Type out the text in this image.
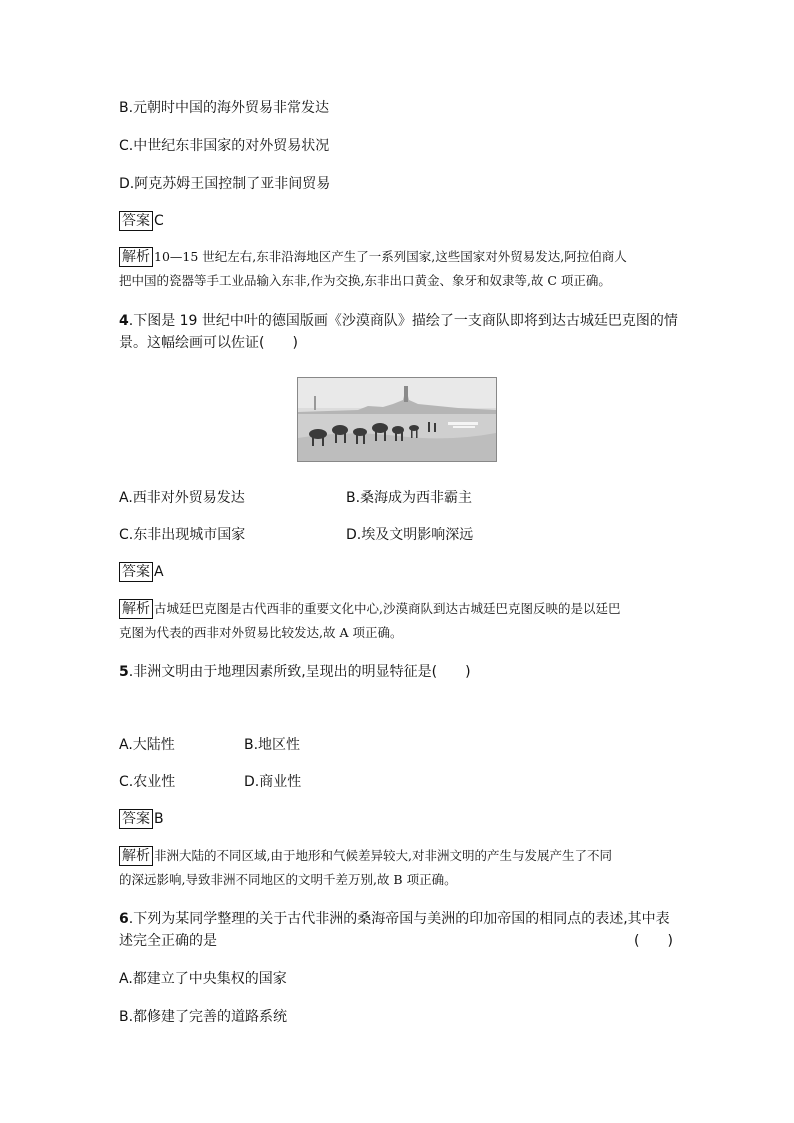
B.元朝时中国的海外贸易非常发达
C.中世纪东非国家的对外贸易状况
D.阿克苏姆王国控制了亚非间贸易
答案 C
解析 10—15 世纪左右,东非沿海地区产生了一系列国家,这些国家对外贸易发达,阿拉伯商人
把中国的瓷器等手工业品输入东非,作为交换,东非出口黄金、象牙和奴隶等,故 C 项正确。
4.下图是 19 世纪中叶的德国版画《沙漠商队》描绘了一支商队即将到达古城廷巴克图的情
景。这幅绘画可以佐证(　　)
A.西非对外贸易发达	B.桑海成为西非霸主
C.东非出现城市国家	D.埃及文明影响深远
答案 A
解析 古城廷巴克图是古代西非的重要文化中心,沙漠商队到达古城廷巴克图反映的是以廷巴
克图为代表的西非对外贸易比较发达,故 A 项正确。
5.非洲文明由于地理因素所致,呈现出的明显特征是(　　)
A.大陆性	B.地区性
C.农业性	D.商业性
答案 B
解析 非洲大陆的不同区域,由于地形和气候差异较大,对非洲文明的产生与发展产生了不同
的深远影响,导致非洲不同地区的文明千差万别,故 B 项正确。
6.下列为某同学整理的关于古代非洲的桑海帝国与美洲的印加帝国的相同点的表述,其中表
述完全正确的是	(　　)
A.都建立了中央集权的国家
B.都修建了完善的道路系统
